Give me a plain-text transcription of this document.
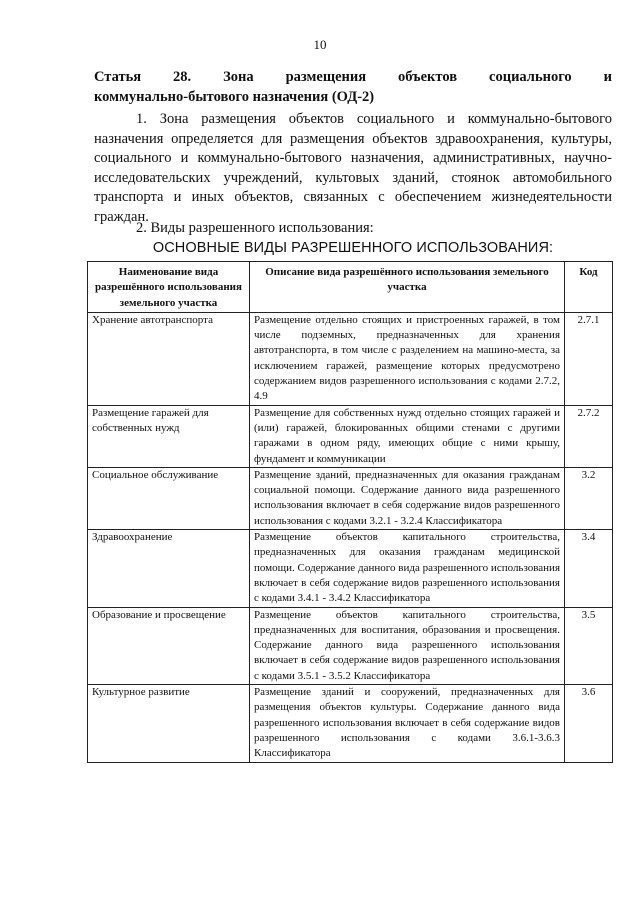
10
Статья 28. Зона размещения объектов социального и
коммунально-бытового назначения (ОД-2)
1. Зона размещения объектов социального и коммунально-бытового назначения определяется для размещения объектов здравоохранения, культуры, социального и коммунально-бытового назначения, административных, научно-исследовательских учреждений, культовых зданий, стоянок автомобильного транспорта и иных объектов, связанных с обеспечением жизнедеятельности граждан.
2. Виды разрешенного использования:
ОСНОВНЫЕ ВИДЫ РАЗРЕШЕННОГО ИСПОЛЬЗОВАНИЯ:
Наименование вида разрешённого использования земельного участка	Описание вида разрешённого использования земельного участка	Код
Хранение автотранспорта	Размещение отдельно стоящих и пристроенных гаражей, в том числе подземных, предназначенных для хранения автотранспорта, в том числе с разделением на машино-места, за исключением гаражей, размещение которых предусмотрено содержанием видов разрешенного использования с кодами 2.7.2, 4.9	2.7.1
Размещение гаражей для собственных нужд	Размещение для собственных нужд отдельно стоящих гаражей и (или) гаражей, блокированных общими стенами с другими гаражами в одном ряду, имеющих общие с ними крышу, фундамент и коммуникации	2.7.2
Социальное обслуживание	Размещение зданий, предназначенных для оказания гражданам социальной помощи. Содержание данного вида разрешенного использования включает в себя содержание видов разрешенного использования с кодами 3.2.1 - 3.2.4 Классификатора	3.2
Здравоохранение	Размещение объектов капитального строительства, предназначенных для оказания гражданам медицинской помощи. Содержание данного вида разрешенного использования включает в себя содержание видов разрешенного использования с кодами 3.4.1 - 3.4.2 Классификатора	3.4
Образование и просвещение	Размещение объектов капитального строительства, предназначенных для воспитания, образования и просвещения. Содержание данного вида разрешенного использования включает в себя содержание видов разрешенного использования с кодами 3.5.1 - 3.5.2 Классификатора	3.5
Культурное развитие	Размещение зданий и сооружений, предназначенных для размещения объектов культуры. Содержание данного вида разрешенного использования включает в себя содержание видов разрешенного использования с кодами 3.6.1-3.6.3 Классификатора	3.6
